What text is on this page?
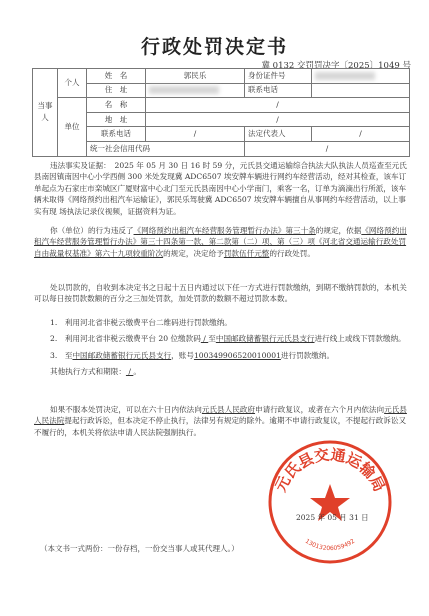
行政处罚决定书
冀 0132 交罚罚决字〔2025〕1049 号
当事人	个人	姓　名	郭民乐	身份证件号	
		住　址		联系电话	
	单位	名　称	/		
		地　址	/		
		联系电话	/	法定代表人	/
		统一社会信用代码		/	

违法事实及证据：　2025 年 05 月 30 日 16 时 59 分，元氏县交通运输综合执法大队执法人员巡查至元氏县南因镇南因中心小学西侧 300 米处发现冀 ADC6507 埃安牌车辆进行网约车经营活动，经对其检查，该车订单起点为石家庄市栾城区广厦财富中心北门至元氏县南因中心小学南门，乘客一名，订单为滴滴出行所派，该车辆未取得《网络预约出租汽车运输证》，郭民乐驾驶冀 ADC6507 埃安牌车辆擅自从事网约车经营活动，以上事实有现 场执法记录仪视频，证据资料为证。

你（单位）的行为违反了《网络预约出租汽车经营服务管理暂行办法》第三十条的规定，依据《网络预约出租汽车经营服务管理暂行办法》第三十四条第一款、第二款第（二）项、第（三）项《河北省交通运输行政处罚自由裁量权基准》第六十九项较重阶次的规定，决定给予罚款伍仟元整的行政处罚。

处以罚款的，自收到本决定书之日起十五日内通过以下任一方式进行罚款缴纳，到期不缴纳罚款的，本机关可以每日按罚款数额的百分之三加处罚款，加处罚款的数额不超过罚款本数。

1.　利用河北省非税云缴费平台二维码进行罚款缴纳。

2.　利用河北省非税云缴费平台 20 位缴款码 / 至中国邮政储蓄银行元氏县支行进行线上或线下罚款缴纳。

3.　至中国邮政储蓄银行元氏县支行，账号100349906520010001进行罚款缴纳。

其他执行方式和期限： / 。

如果不服本处罚决定，可以在六十日内依法向元氏县人民政府申请行政复议，或者在六个月内依法向元氏县人民法院提起行政诉讼，但本决定不停止执行，法律另有规定的除外。逾期不申请行政复议，不提起行政诉讼又不履行的，本机关将依法申请人民法院强制执行。

元氏县交通运输局
13013206059492
2025 年 05 月 31 日
（本文书一式两份：一份存档，一份交当事人或其代理人。）
